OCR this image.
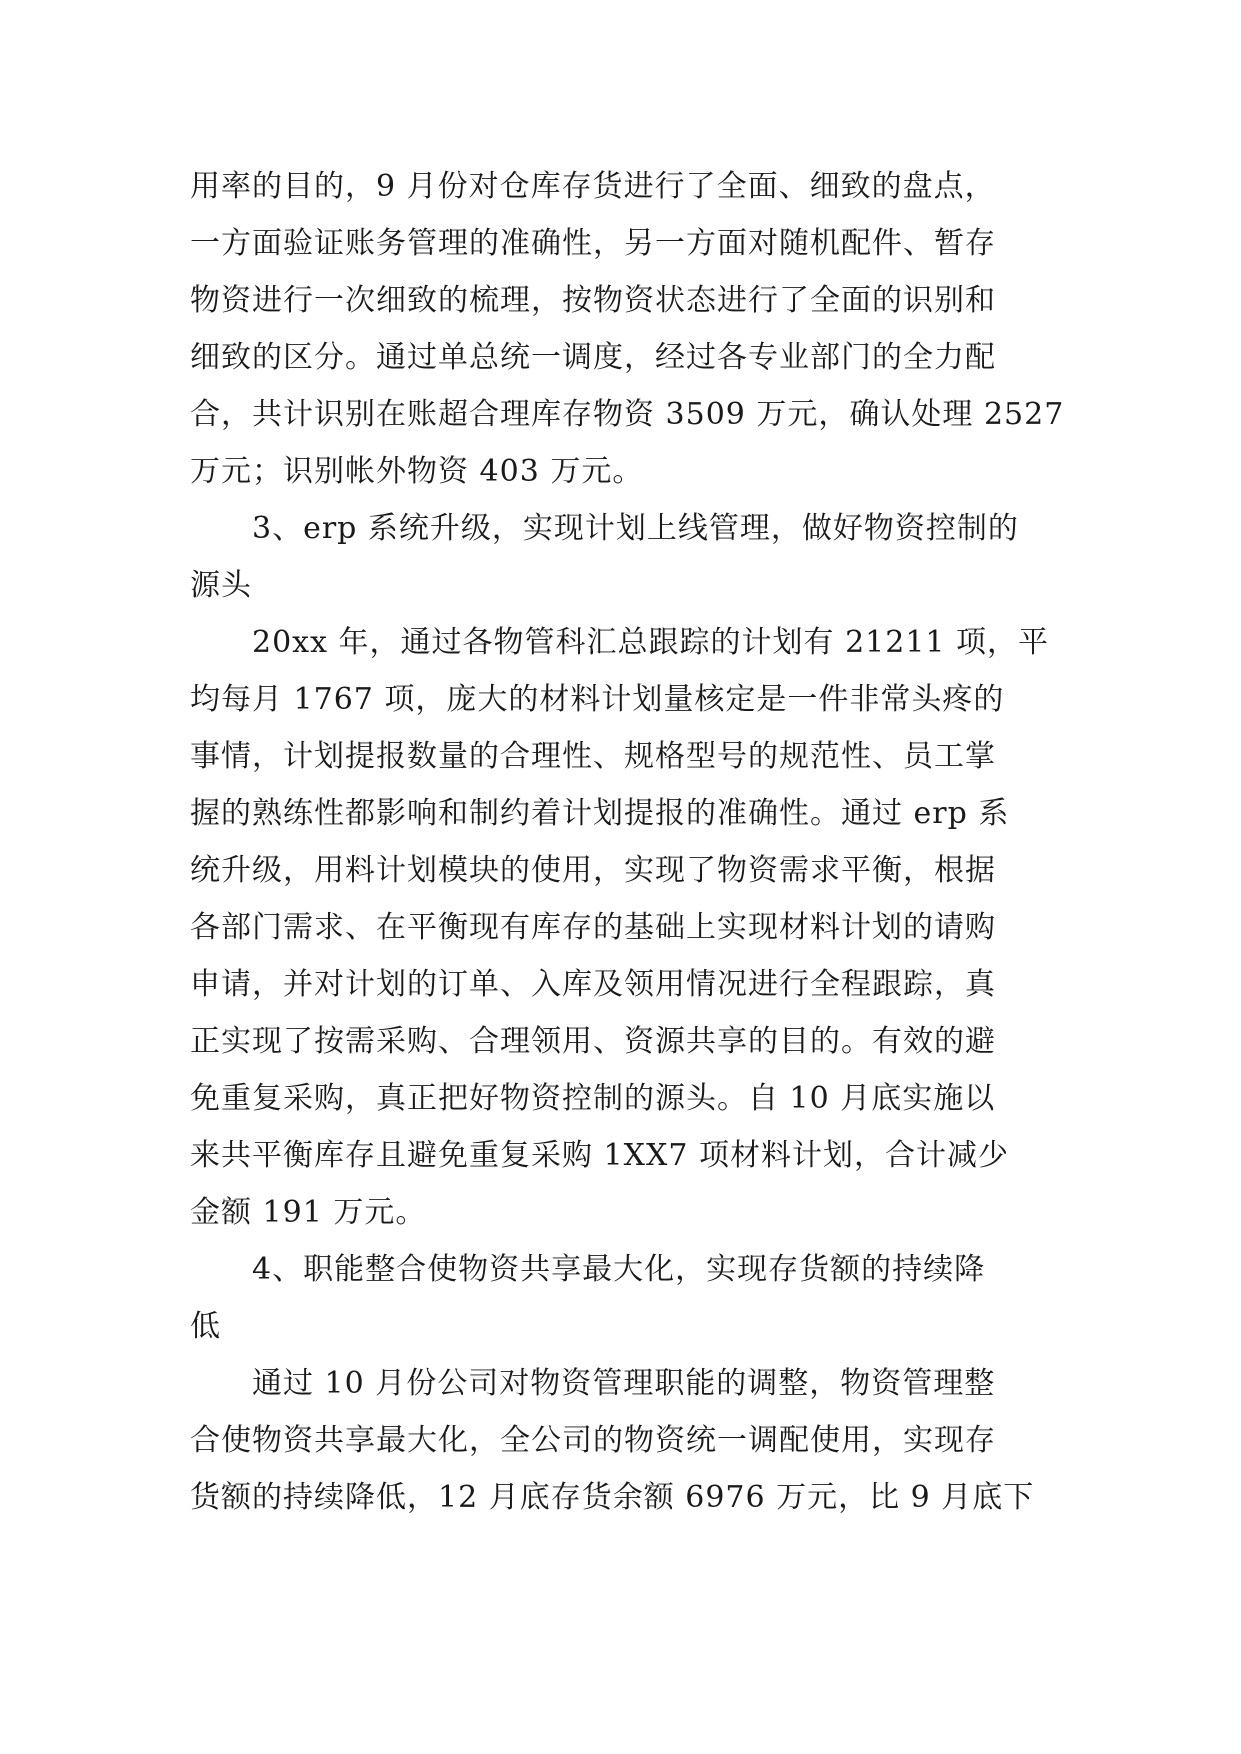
用率的目的，9 月份对仓库存货进行了全面、细致的盘点，
一方面验证账务管理的准确性，另一方面对随机配件、暂存
物资进行一次细致的梳理，按物资状态进行了全面的识别和
细致的区分。通过单总统一调度，经过各专业部门的全力配
合，共计识别在账超合理库存物资 3509 万元，确认处理 2527
万元；识别帐外物资 403 万元。
3、erp 系统升级，实现计划上线管理，做好物资控制的
源头
20xx 年，通过各物管科汇总跟踪的计划有 21211 项，平
均每月 1767 项，庞大的材料计划量核定是一件非常头疼的
事情，计划提报数量的合理性、规格型号的规范性、员工掌
握的熟练性都影响和制约着计划提报的准确性。通过 erp 系
统升级，用料计划模块的使用，实现了物资需求平衡，根据
各部门需求、在平衡现有库存的基础上实现材料计划的请购
申请，并对计划的订单、入库及领用情况进行全程跟踪，真
正实现了按需采购、合理领用、资源共享的目的。有效的避
免重复采购，真正把好物资控制的源头。自 10 月底实施以
来共平衡库存且避免重复采购 1XX7 项材料计划，合计减少
金额 191 万元。
4、职能整合使物资共享最大化，实现存货额的持续降
低
通过 10 月份公司对物资管理职能的调整，物资管理整
合使物资共享最大化，全公司的物资统一调配使用，实现存
货额的持续降低，12 月底存货余额 6976 万元，比 9 月底下
